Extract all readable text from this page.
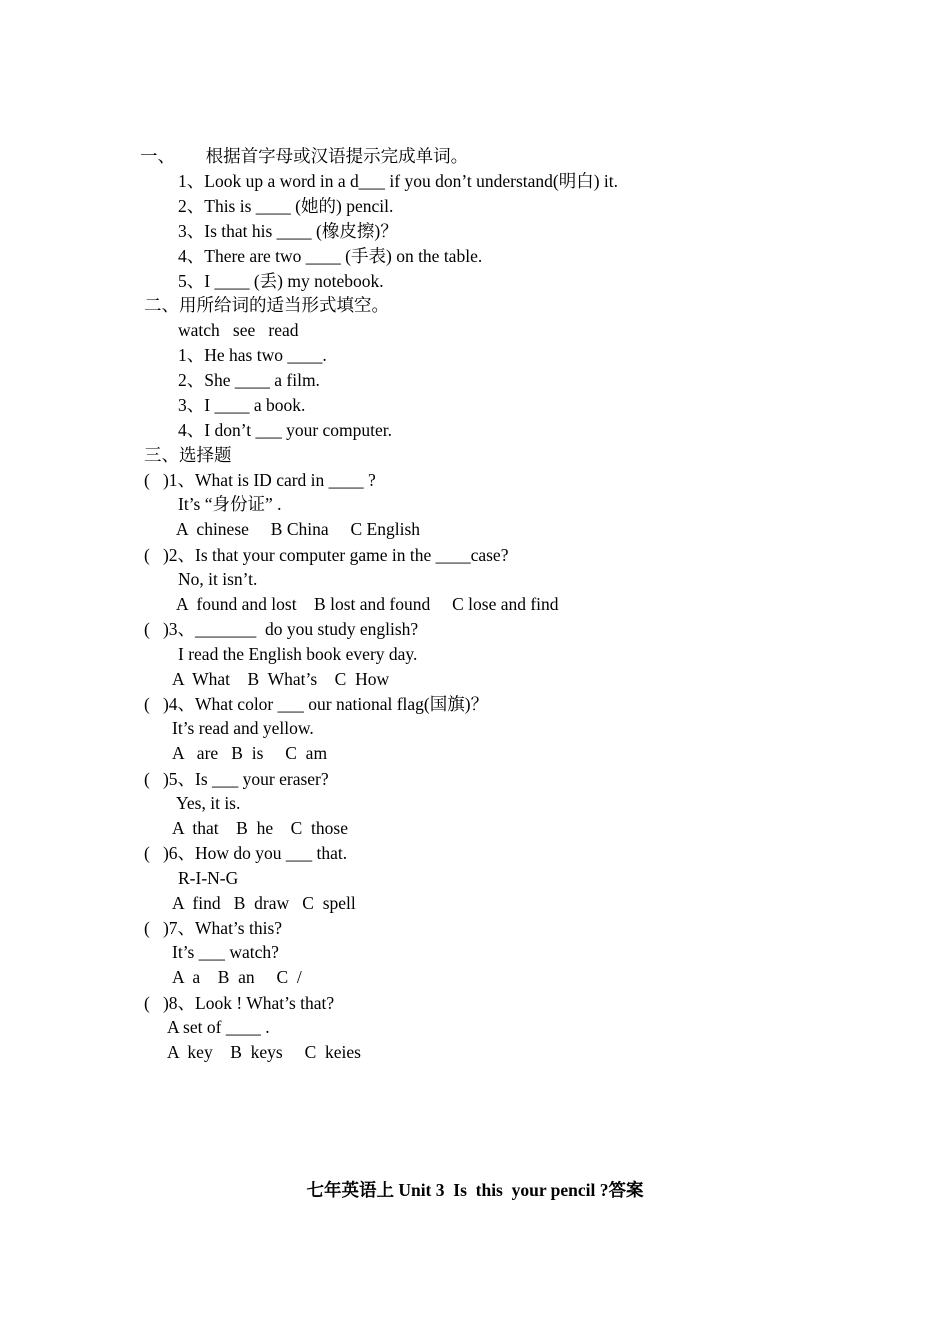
一、       根据首字母或汉语提示完成单词。
1、Look up a word in a d___ if you don’t understand(明白) it.
2、This is ____ (她的) pencil.
3、Is that his ____ (橡皮擦)？
4、There are two ____ (手表) on the table.
5、I ____ (丢) my notebook.
二、用所给词的适当形式填空。
watch   see   read
1、He has two ____.
2、She ____ a film.
3、I ____ a book.
4、I don’t ___ your computer.
三、选择题
(   )1、What is ID card in ____ ?
It’s “身份证” .
A  chinese     B China     C English
(   )2、Is that your computer game in the ____case?
No, it isn’t.
A  found and lost    B lost and found     C lose and find
(   )3、_______  do you study english?
I read the English book every day.
A  What    B  What’s    C  How
(   )4、What color ___ our national flag(国旗)？
It’s read and yellow.
A   are   B  is     C  am
(   )5、Is ___ your eraser?
Yes, it is.
A  that    B  he    C  those
(   )6、How do you ___ that.
R-I-N-G
A  find   B  draw   C  spell
(   )7、What’s this?
It’s ___ watch?
A  a    B  an     C  /
(   )8、Look ! What’s that?
A set of ____ .
A  key    B  keys     C  keies
七年英语上 Unit 3  Is  this  your pencil ?答案
